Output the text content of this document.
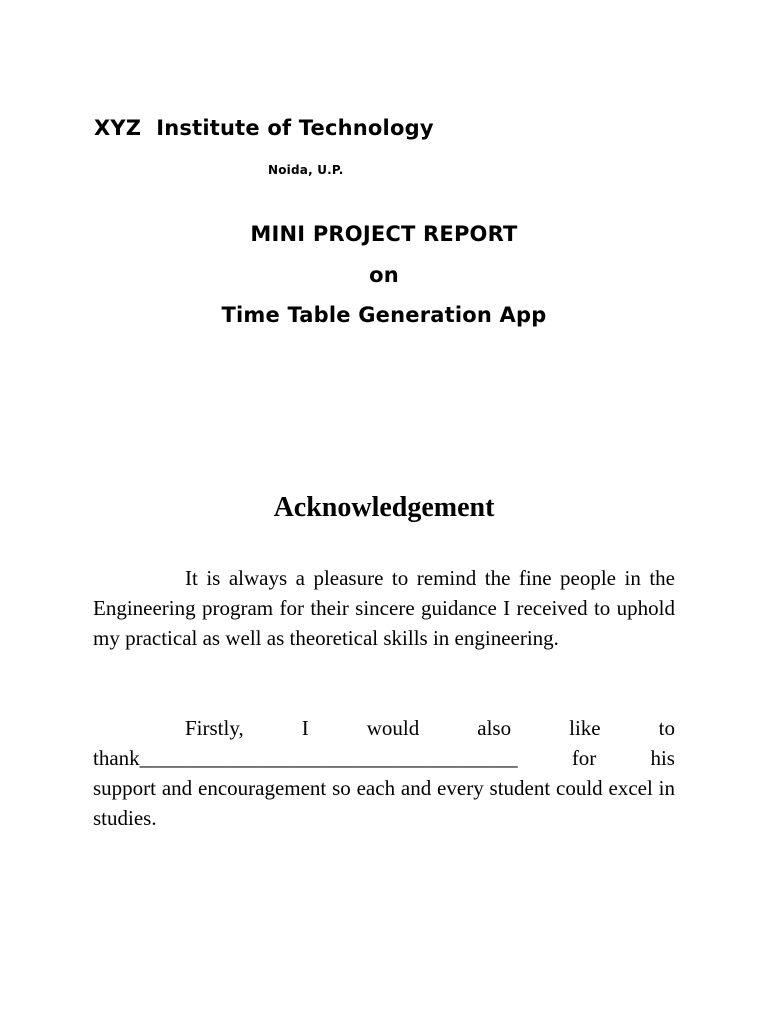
XYZ  Institute of Technology
Noida, U.P.
MINI PROJECT REPORT
on
Time Table Generation App
Acknowledgement

It is always a pleasure to remind the fine people in the Engineering program for their sincere guidance I received to uphold my practical as well as theoretical skills in engineering.

Firstly,	I	would	also	like	to
thank____________________________________	for	his
support and encouragement so each and every student could excel in studies.
